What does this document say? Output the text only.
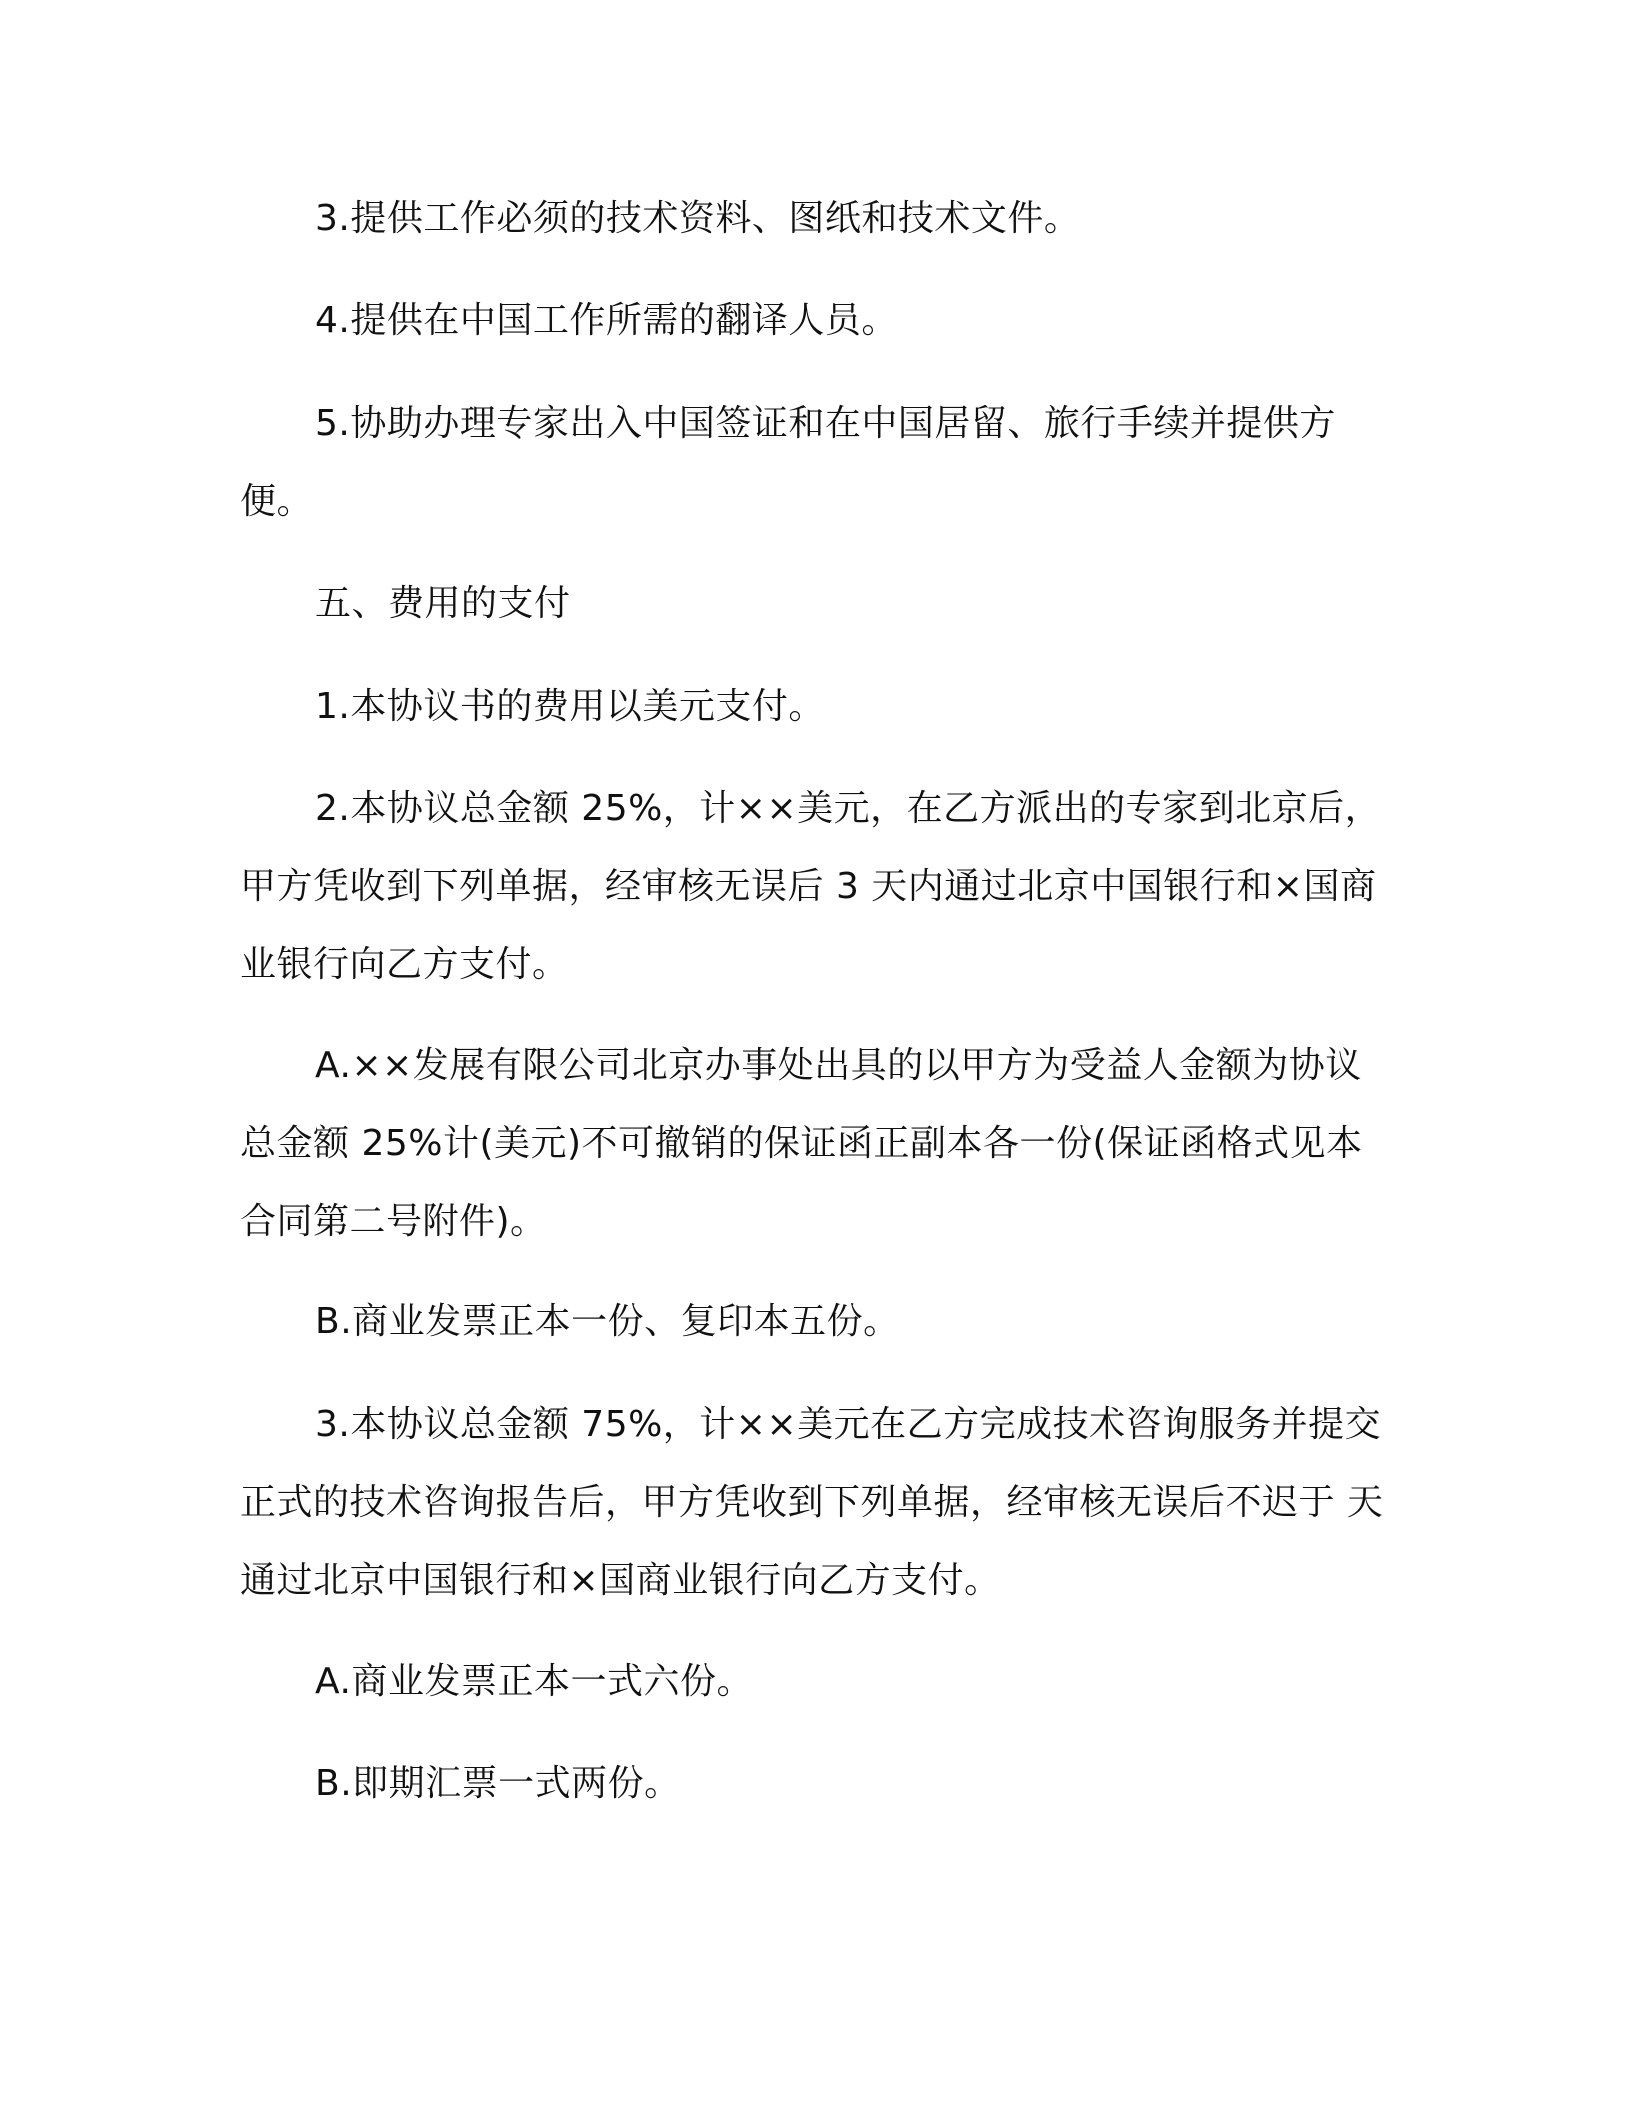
3.提供工作必须的技术资料、图纸和技术文件。

4.提供在中国工作所需的翻译人员。

5.协助办理专家出入中国签证和在中国居留、旅行手续并提供方便。

五、费用的支付

1.本协议书的费用以美元支付。

2.本协议总金额 25%，计××美元，在乙方派出的专家到北京后，甲方凭收到下列单据，经审核无误后 3 天内通过北京中国银行和×国商业银行向乙方支付。

A.××发展有限公司北京办事处出具的以甲方为受益人金额为协议总金额 25%计(美元)不可撤销的保证函正副本各一份(保证函格式见本合同第二号附件)。

B.商业发票正本一份、复印本五份。

3.本协议总金额 75%，计××美元在乙方完成技术咨询服务并提交正式的技术咨询报告后，甲方凭收到下列单据，经审核无误后不迟于 天通过北京中国银行和×国商业银行向乙方支付。

A.商业发票正本一式六份。

B.即期汇票一式两份。
